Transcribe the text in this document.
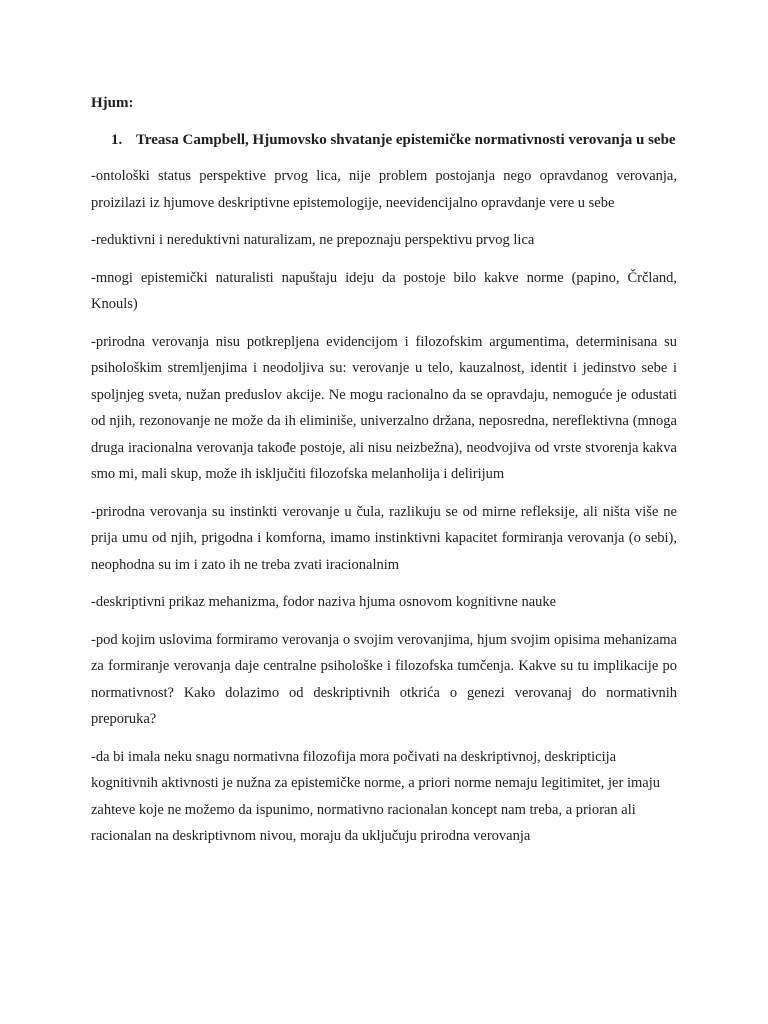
Hjum:
1. Treasa Campbell, Hjumovsko shvatanje epistemičke normativnosti verovanja u sebe

-ontološki status perspektive prvog lica, nije problem postojanja nego opravdanog verovanja, proizilazi iz hjumove deskriptivne epistemologije, neevidencijalno opravdanje vere u sebe

-reduktivni i nereduktivni naturalizam, ne prepoznaju perspektivu prvog lica

-mnogi epistemički naturalisti napuštaju ideju da postoje bilo kakve norme (papino, Črčland, Knouls)

-prirodna verovanja nisu potkrepljena evidencijom i filozofskim argumentima, determinisana su psihološkim stremljenjima i neodoljiva su: verovanje u telo, kauzalnost, identit i jedinstvo sebe i spoljnjeg sveta, nužan preduslov akcije. Ne mogu racionalno da se opravdaju, nemoguće je odustati od njih, rezonovanje ne može da ih eliminiše, univerzalno držana, neposredna, nereflektivna (mnoga druga iracionalna verovanja takođe postoje, ali nisu neizbežna), neodvojiva od vrste stvorenja kakva smo mi, mali skup, može ih isključiti filozofska melanholija i delirijum

-prirodna verovanja su instinkti verovanje u čula, razlikuju se od mirne refleksije, ali ništa više ne prija umu od njih, prigodna i komforna, imamo instinktivni kapacitet formiranja verovanja (o sebi), neophodna su im i zato ih ne treba zvati iracionalnim

-deskriptivni prikaz mehanizma, fodor naziva hjuma osnovom kognitivne nauke

-pod kojim uslovima formiramo verovanja o svojim verovanjima, hjum svojim opisima mehanizama za formiranje verovanja daje centralne psihološke i filozofska tumčenja. Kakve su tu implikacije po normativnost? Kako dolazimo od deskriptivnih otkrića o genezi verovanaj do normativnih preporuka?

-da bi imala neku snagu normativna filozofija mora počivati na deskriptivnoj, deskripticija kognitivnih aktivnosti je nužna za epistemičke norme, a priori norme nemaju legitimitet, jer imaju zahteve koje ne možemo da ispunimo, normativno racionalan koncept nam treba, a prioran ali racionalan na deskriptivnom nivou, moraju da uključuju prirodna verovanja
